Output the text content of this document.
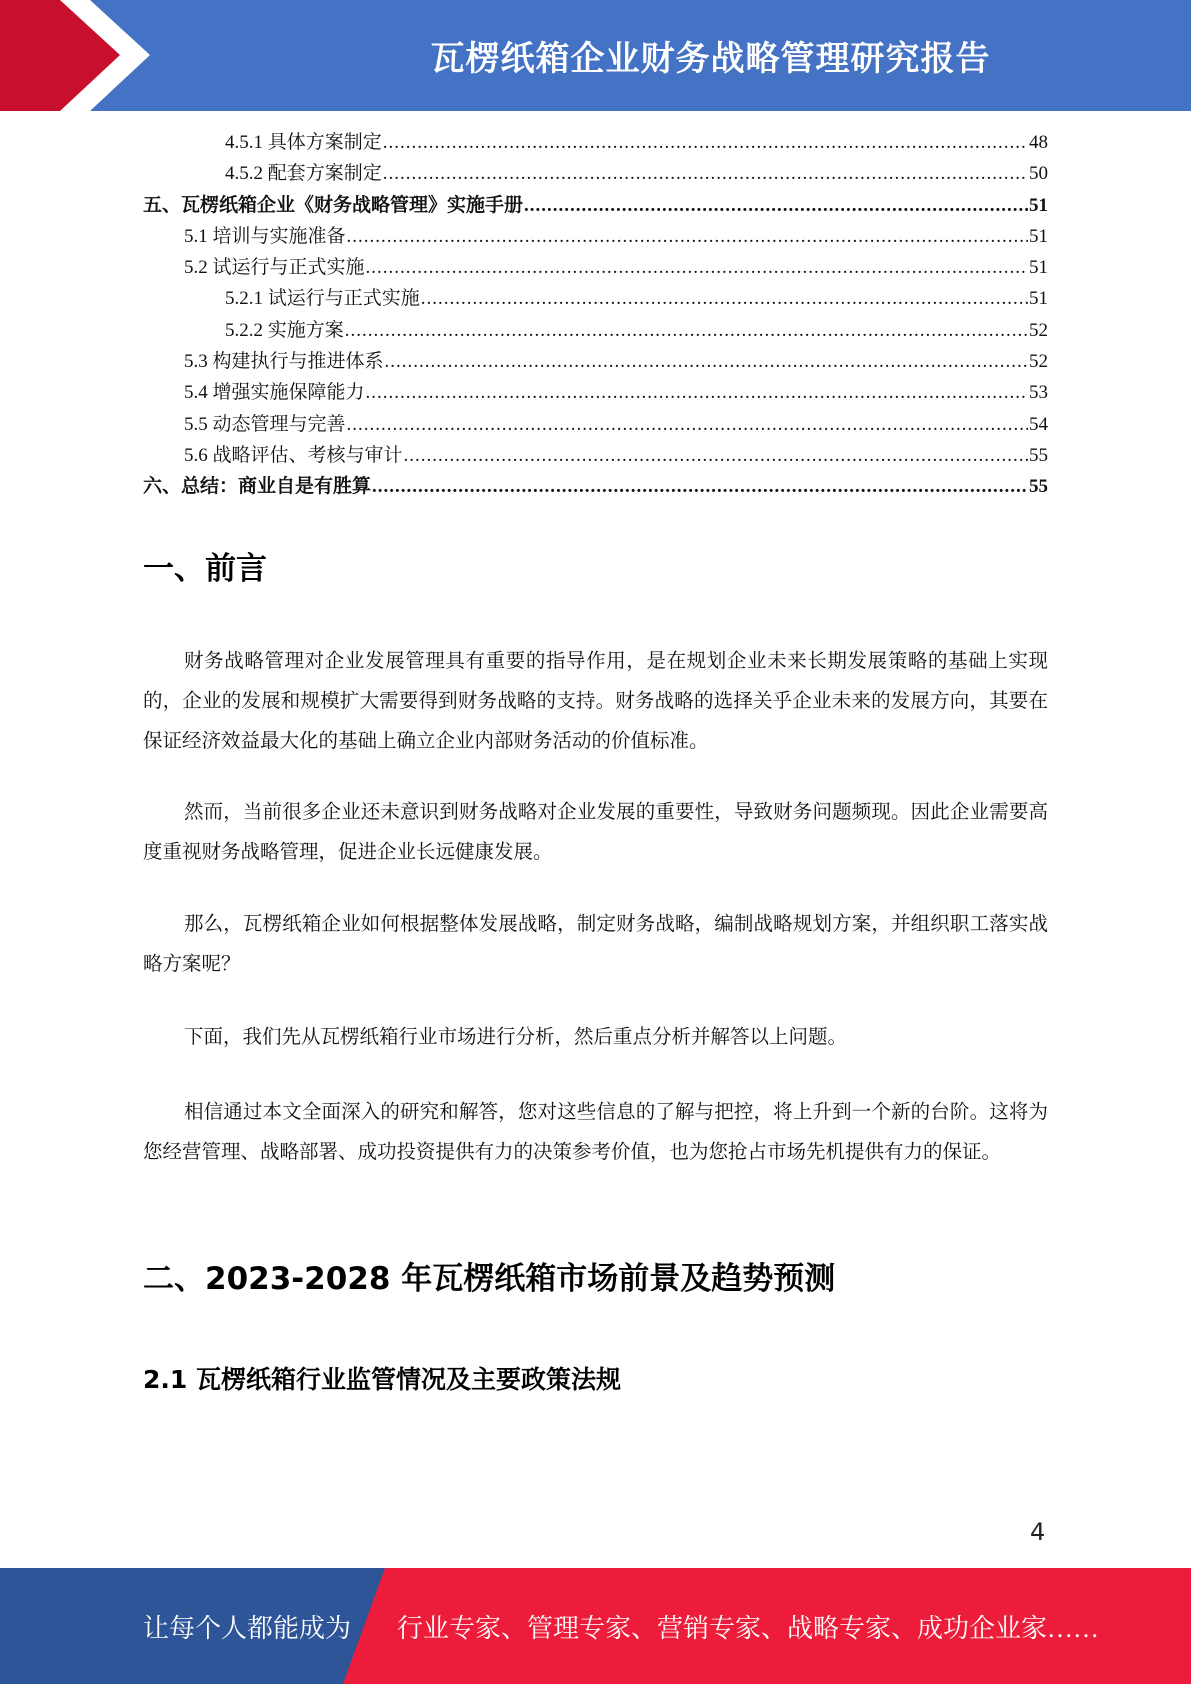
瓦楞纸箱企业财务战略管理研究报告
4.5.1 具体方案制定 .....	48
4.5.2 配套方案制定 .....	50
五、瓦楞纸箱企业《财务战略管理》实施手册 .....	51
5.1 培训与实施准备 .....	51
5.2 试运行与正式实施 .....	51
5.2.1 试运行与正式实施 .....	51
5.2.2 实施方案 .....	52
5.3 构建执行与推进体系 .....	52
5.4 增强实施保障能力 .....	53
5.5 动态管理与完善 .....	54
5.6 战略评估、考核与审计 .....	55
六、总结：商业自是有胜算 .....	55
一、前言
财务战略管理对企业发展管理具有重要的指导作用，是在规划企业未来长期发展策略的基础上实现的，企业的发展和规模扩大需要得到财务战略的支持。财务战略的选择关乎企业未来的发展方向，其要在保证经济效益最大化的基础上确立企业内部财务活动的价值标准。
然而，当前很多企业还未意识到财务战略对企业发展的重要性，导致财务问题频现。因此企业需要高度重视财务战略管理，促进企业长远健康发展。
那么，瓦楞纸箱企业如何根据整体发展战略，制定财务战略，编制战略规划方案，并组织职工落实战略方案呢？
下面，我们先从瓦楞纸箱行业市场进行分析，然后重点分析并解答以上问题。
相信通过本文全面深入的研究和解答，您对这些信息的了解与把控，将上升到一个新的台阶。这将为您经营管理、战略部署、成功投资提供有力的决策参考价值，也为您抢占市场先机提供有力的保证。
二、2023-2028 年瓦楞纸箱市场前景及趋势预测
2.1 瓦楞纸箱行业监管情况及主要政策法规
4
让每个人都能成为 行业专家、管理专家、营销专家、战略专家、成功企业家……
